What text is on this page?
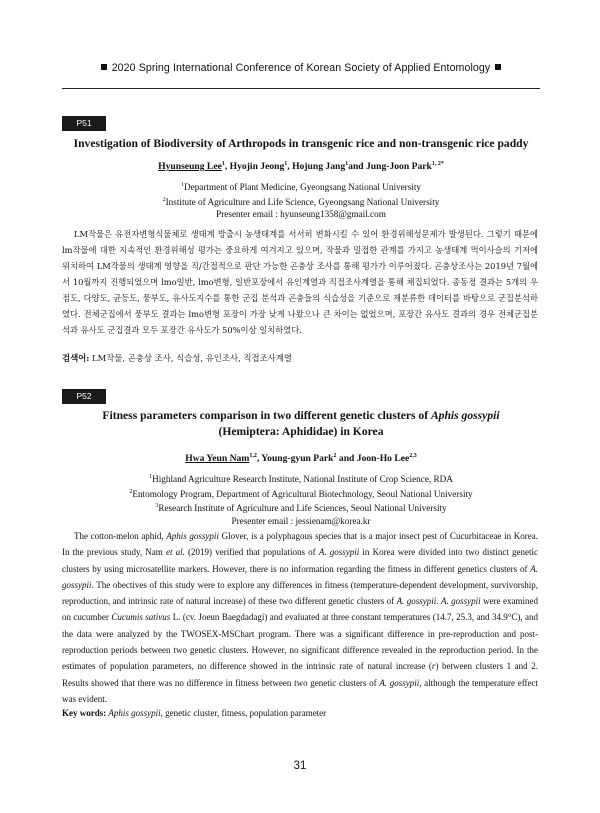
2020 Spring International Conference of Korean Society of Applied Entomology
P51
Investigation of Biodiversity of Arthropods in transgenic rice and non-transgenic rice paddy
Hyunseung Lee$^1$, Hyojin Jeong$^1$, Hojung Jang$^1$and Jung-Joon Park$^{1, 2*}$
$^1$Department of Plant Medicine, Gyeongsang National University
$^2$Institute of Agriculture and Life Science, Gyeongsang National University
Presenter email : hyunseung1358@gmail.com
LM작물은 유전자변형식물체로 생태계 방출시 농생태계를 서서히 변화시킬 수 있어 환경위해성문제가 발생된다. 그렇기 때문에 lm작물에 대한 지속적인 환경위해성 평가는 중요하게 여겨지고 있으며, 작물과 밀접한 관계를 가지고 농생태계 먹이사슬의 기저에 위치하여 LM작물의 생태계 영향을 직/간접적으로 판단 가능한 곤충상 조사를 통해 평가가 이루어졌다. 곤충상조사는 2019년 7월에서 10월까지 진행되었으며 lmo일반, lmo변형, 일반포장에서 유인계열과 직접조사계열을 통해 채집되었다. 종동정 결과는 5개의 우점도, 다양도, 균등도, 풍부도, 유사도지수를 통한 군집 분석과 곤충들의 식습성을 기준으로 재분류한 데이터를 바탕으로 군집분석하였다. 전체군집에서 풍부도 결과는 lmo변형 포장이 가장 낮게 나왔으나 큰 차이는 없었으며, 포장간 유사도 결과의 경우 전체군집분석과 유사도 군집결과 모두 포장간 유사도가 50%이상 일치하였다.
검색어: LM작물, 곤충상 조사, 식습성, 유인조사, 직접조사계열
P52
Fitness parameters comparison in two different genetic clusters of Aphis gossypii
(Hemiptera: Aphididae) in Korea
Hwa Yeun Nam$^{1,2}$, Young-gyun Park$^2$ and Joon-Ho Lee$^{2,3}$
$^1$Highland Agriculture Research Institute, National Institute of Crop Science, RDA
$^2$Entomology Program, Department of Agricultural Biotechnology, Seoul National University
$^3$Research Institute of Agriculture and Life Sciences, Seoul National University
Presenter email : jessienam@korea.kr
The cotton-melon aphid, Aphis gossypii Glover, is a polyphagous species that is a major insect pest of Cucurbitaceae in Korea. In the previous study, Nam et al. (2019) verified that populations of A. gossypii in Korea were divided into two distinct genetic clusters by using microsatellite markers. However, there is no information regarding the fitness in different genetics clusters of A. gossypii. The obectives of this study were to explore any differences in fitness (temperature-dependent development, survivorship, reproduction, and intrinsic rate of natural increase) of these two different genetic clusters of A. gossypii. A. gossypii were examined on cucumber Cucumis sativus L. (cv. Joeun Baegdadagi) and evaluated at three constant temperatures (14.7, 25.3, and 34.9°C), and the data were analyzed by the TWOSEX-MSChart program. There was a significant difference in pre-reproduction and post-reproduction periods between two genetic clusters. However, no significant difference revealed in the reproduction period. In the estimates of population parameters, no difference showed in the intrinsic rate of natural increase (r) between clusters 1 and 2. Results showed that there was no difference in fitness between two genetic clusters of A. gossypii, although the temperature effect was evident.
Key words: Aphis gossypii, genetic cluster, fitness, population parameter
31
